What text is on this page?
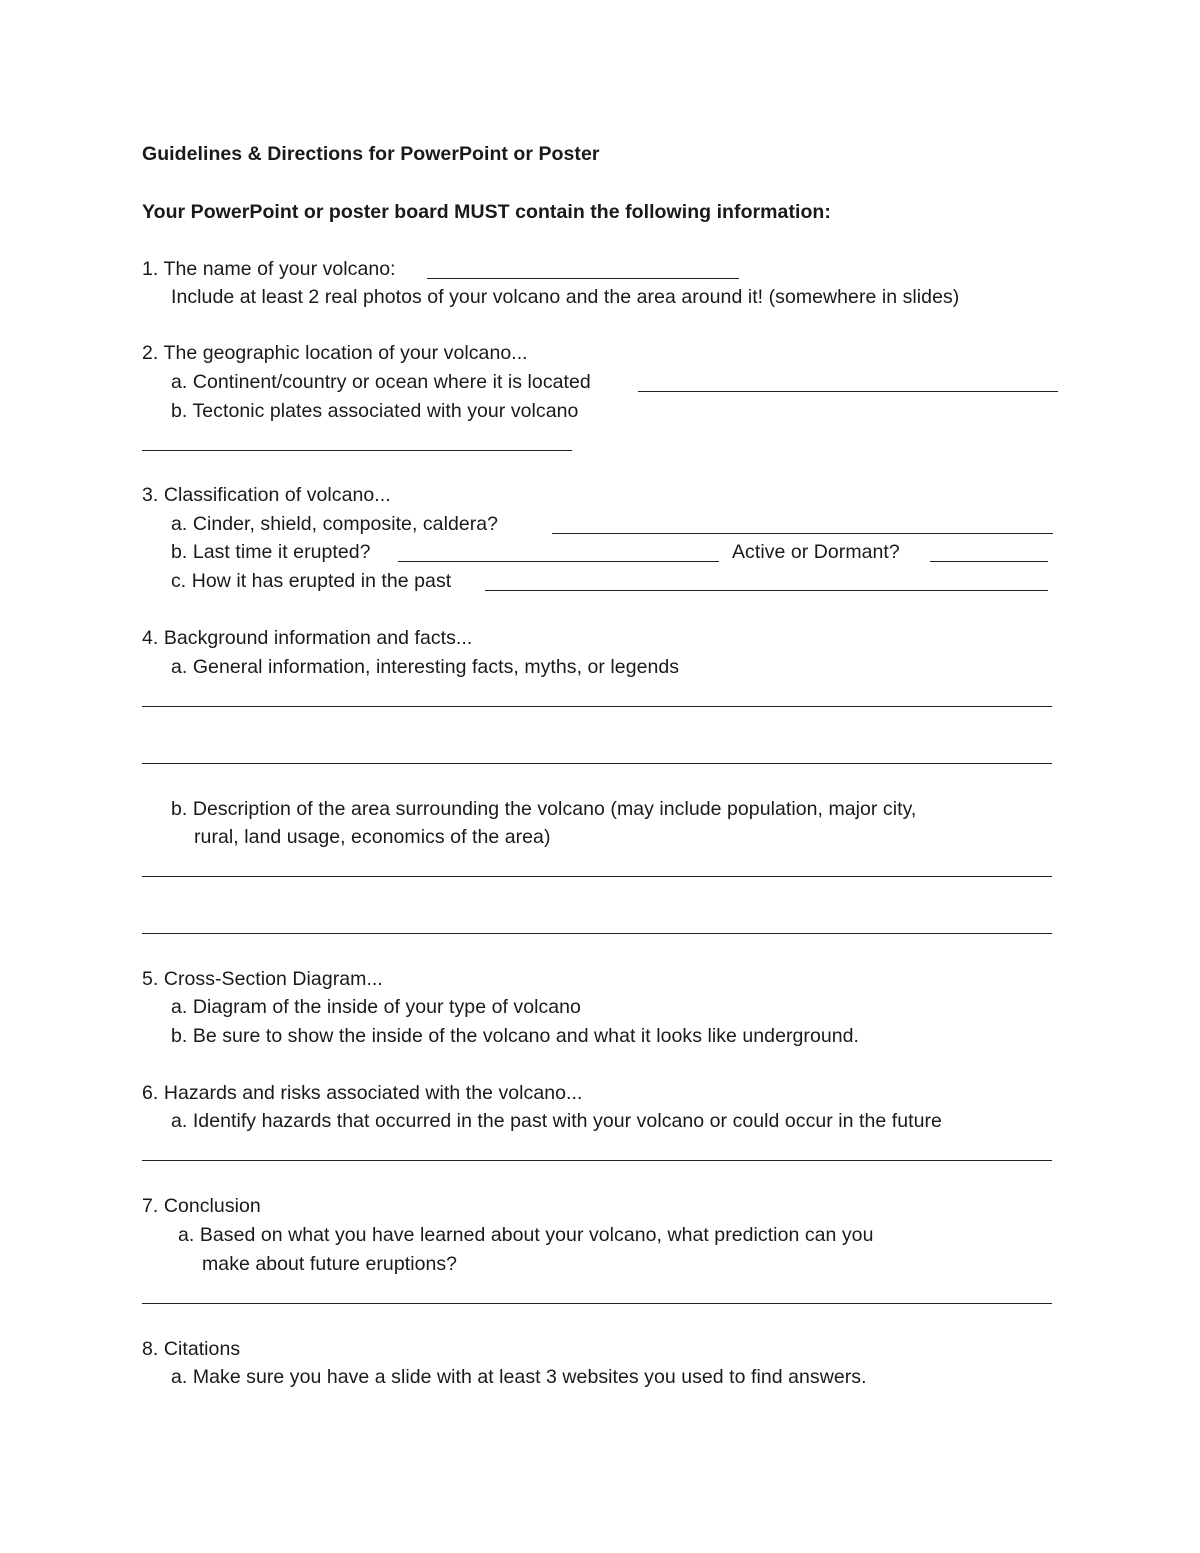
Guidelines & Directions for PowerPoint or Poster
Your PowerPoint or poster board MUST contain the following information:
1. The name of your volcano:
Include at least 2 real photos of your volcano and the area around it! (somewhere in slides)
2. The geographic location of your volcano...
a. Continent/country or ocean where it is located
b. Tectonic plates associated with your volcano
3. Classification of volcano...
a. Cinder, shield, composite, caldera?
b. Last time it erupted?	Active or Dormant?
c. How it has erupted in the past
4. Background information and facts...
a. General information, interesting facts, myths, or legends
b. Description of the area surrounding the volcano (may include population, major city,
rural, land usage, economics of the area)
5. Cross-Section Diagram...
a. Diagram of the inside of your type of volcano
b. Be sure to show the inside of the volcano and what it looks like underground.
6. Hazards and risks associated with the volcano...
a. Identify hazards that occurred in the past with your volcano or could occur in the future
7. Conclusion
a. Based on what you have learned about your volcano, what prediction can you
make about future eruptions?
8. Citations
a. Make sure you have a slide with at least 3 websites you used to find answers.
